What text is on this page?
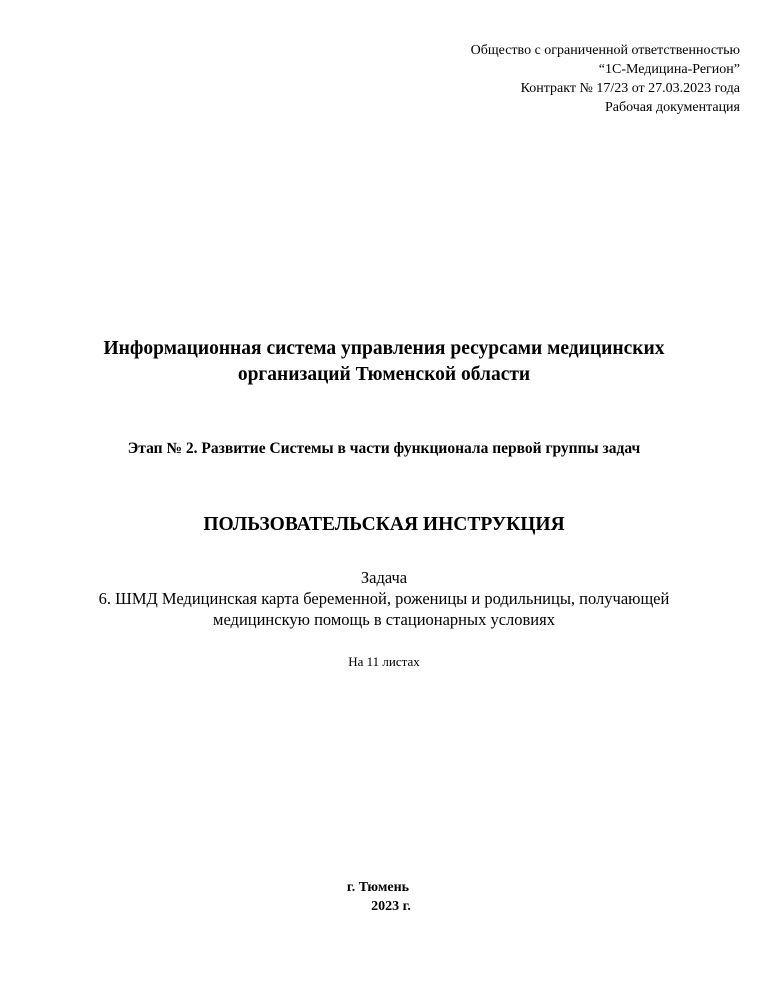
Общество с ограниченной ответственностью
“1С-Медицина-Регион”
Контракт № 17/23 от 27.03.2023 года
Рабочая документация
Информационная система управления ресурсами медицинских
организаций Тюменской области
Этап № 2. Развитие Системы в части функционала первой группы задач
ПОЛЬЗОВАТЕЛЬСКАЯ ИНСТРУКЦИЯ
Задача
6. ШМД Медицинская карта беременной, роженицы и родильницы, получающей
медицинскую помощь в стационарных условиях
На 11 листах
г. Тюмень
2023 г.
